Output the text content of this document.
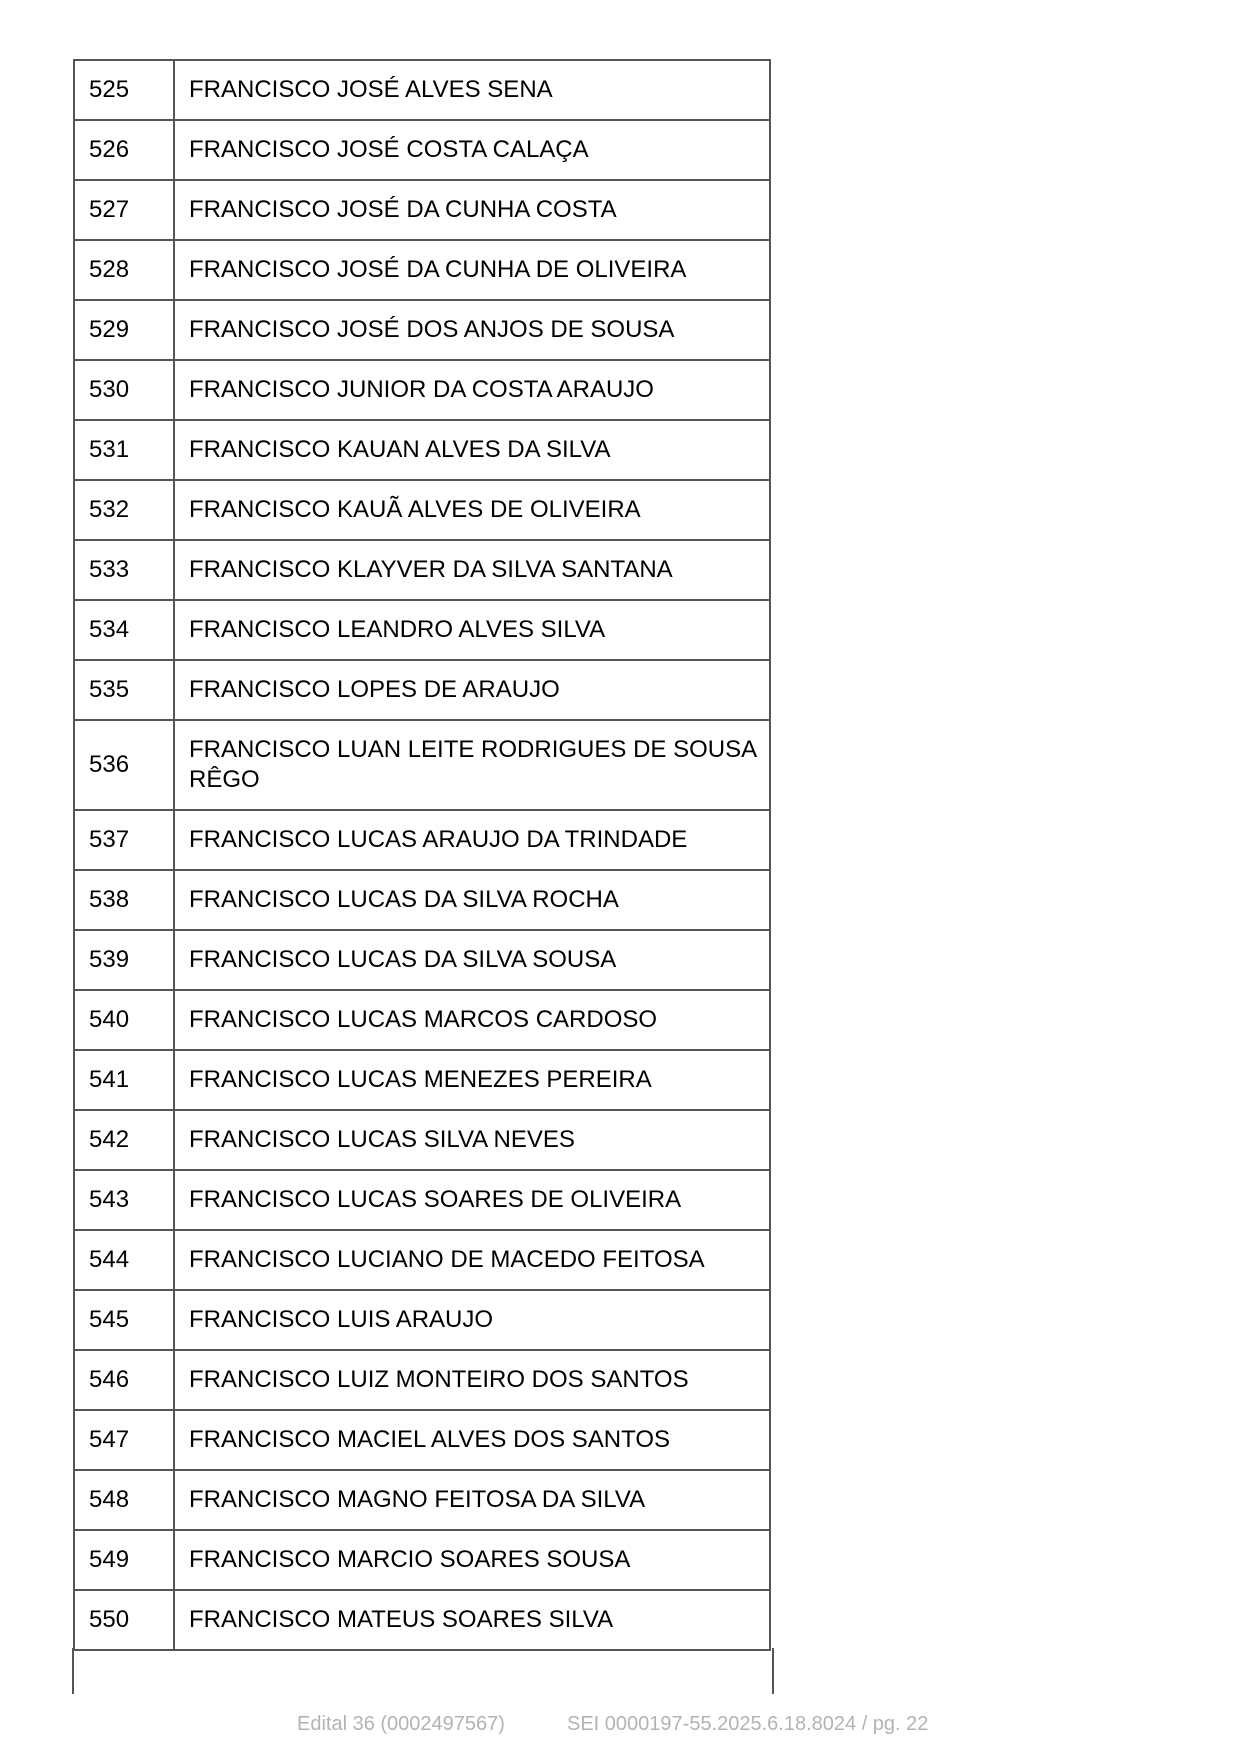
525	FRANCISCO JOSÉ ALVES SENA
526	FRANCISCO JOSÉ COSTA CALAÇA
527	FRANCISCO JOSÉ DA CUNHA COSTA
528	FRANCISCO JOSÉ DA CUNHA DE OLIVEIRA
529	FRANCISCO JOSÉ DOS ANJOS DE SOUSA
530	FRANCISCO JUNIOR DA COSTA ARAUJO
531	FRANCISCO KAUAN ALVES DA SILVA
532	FRANCISCO KAUÃ ALVES DE OLIVEIRA
533	FRANCISCO KLAYVER DA SILVA SANTANA
534	FRANCISCO LEANDRO ALVES SILVA
535	FRANCISCO LOPES DE ARAUJO
536	FRANCISCO LUAN LEITE RODRIGUES DE SOUSA RÊGO
537	FRANCISCO LUCAS ARAUJO DA TRINDADE
538	FRANCISCO LUCAS DA SILVA ROCHA
539	FRANCISCO LUCAS DA SILVA SOUSA
540	FRANCISCO LUCAS MARCOS CARDOSO
541	FRANCISCO LUCAS MENEZES PEREIRA
542	FRANCISCO LUCAS SILVA NEVES
543	FRANCISCO LUCAS SOARES DE OLIVEIRA
544	FRANCISCO LUCIANO DE MACEDO FEITOSA
545	FRANCISCO LUIS ARAUJO
546	FRANCISCO LUIZ MONTEIRO DOS SANTOS
547	FRANCISCO MACIEL ALVES DOS SANTOS
548	FRANCISCO MAGNO FEITOSA DA SILVA
549	FRANCISCO MARCIO SOARES SOUSA
550	FRANCISCO MATEUS SOARES SILVA
Edital 36 (0002497567)	SEI 0000197-55.2025.6.18.8024 / pg. 22
